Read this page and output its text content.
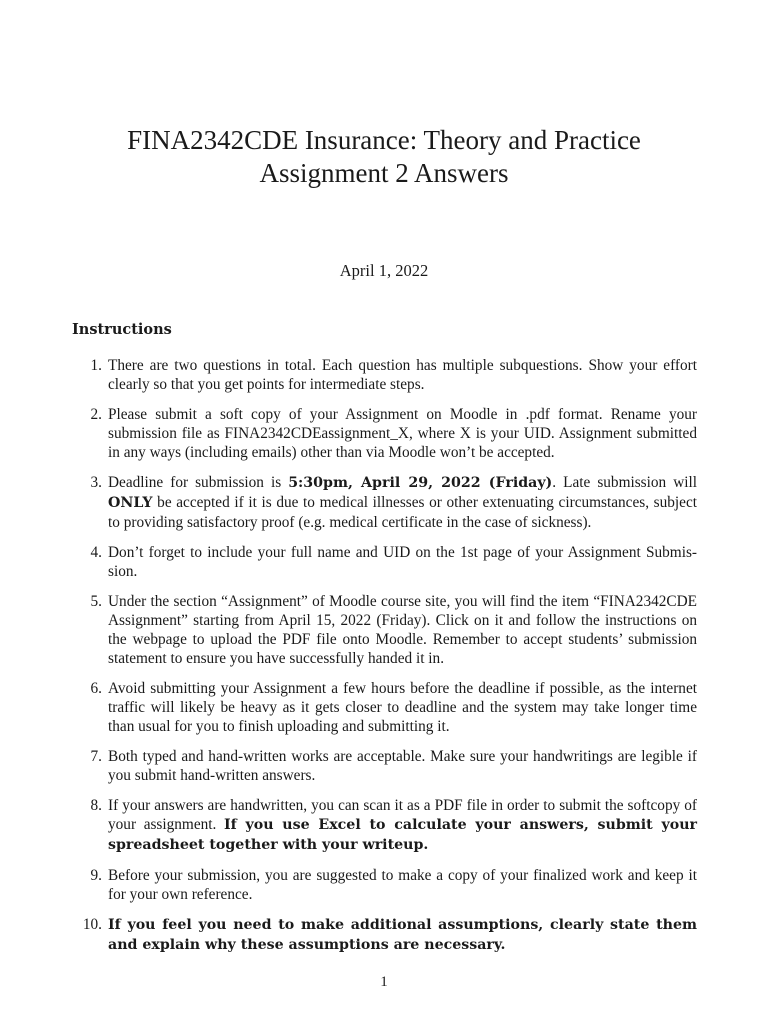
FINA2342CDE Insurance: Theory and Practice

Assignment 2 Answers

April 1, 2022
Instructions
1. There are two questions in total. Each question has multiple subquestions. Show your effort clearly so that you get points for intermediate steps.
2. Please submit a soft copy of your Assignment on Moodle in .pdf format. Rename your submission file as FINA2342CDEassignment_X, where X is your UID. Assignment submitted in any ways (including emails) other than via Moodle won’t be accepted.
3. Deadline for submission is 5:30pm, April 29, 2022 (Friday). Late submission will ONLY be accepted if it is due to medical illnesses or other extenuating circumstances, subject to providing satisfactory proof (e.g. medical certificate in the case of sickness).
4. Don’t forget to include your full name and UID on the 1st page of your Assignment Submis-sion.
5. Under the section “Assignment” of Moodle course site, you will find the item “FINA2342CDE Assignment” starting from April 15, 2022 (Friday). Click on it and follow the instructions on the webpage to upload the PDF file onto Moodle. Remember to accept students’ submission statement to ensure you have successfully handed it in.
6. Avoid submitting your Assignment a few hours before the deadline if possible, as the internet traffic will likely be heavy as it gets closer to deadline and the system may take longer time than usual for you to finish uploading and submitting it.
7. Both typed and hand-written works are acceptable. Make sure your handwritings are legible if you submit hand-written answers.
8. If your answers are handwritten, you can scan it as a PDF file in order to submit the softcopy of your assignment. If you use Excel to calculate your answers, submit your spreadsheet together with your writeup.
9. Before your submission, you are suggested to make a copy of your finalized work and keep it for your own reference.
10. If you feel you need to make additional assumptions, clearly state them and explain why these assumptions are necessary.
1
